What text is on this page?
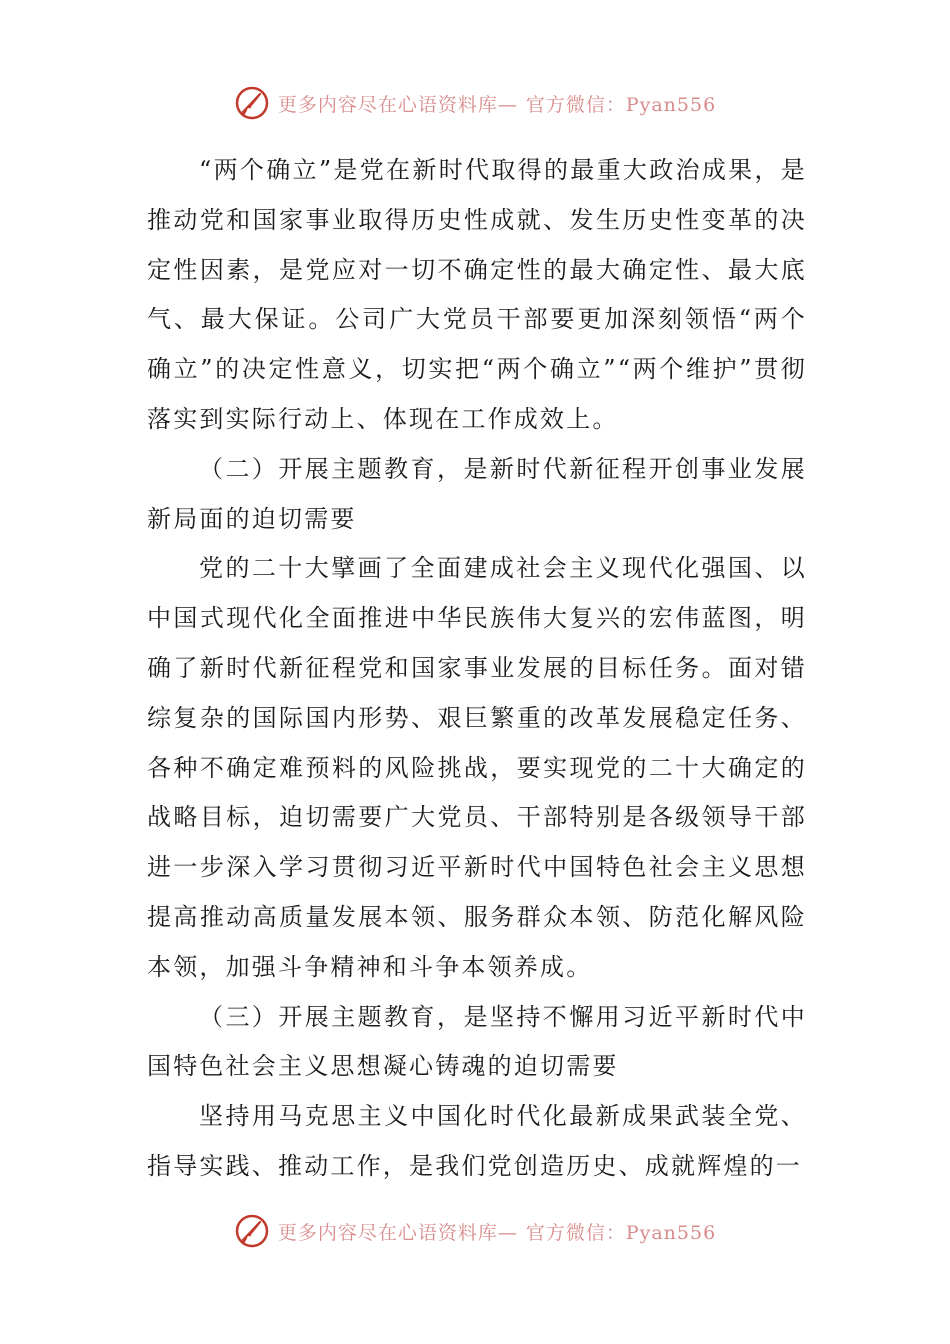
更多内容尽在心语资料库— 官方微信：Pyan556

“两个确立”是党在新时代取得的最重大政治成果，是推动党和国家事业取得历史性成就、发生历史性变革的决定性因素，是党应对一切不确定性的最大确定性、最大底气、最大保证。公司广大党员干部要更加深刻领悟“两个确立”的决定性意义，切实把“两个确立”“两个维护”贯彻落实到实际行动上、体现在工作成效上。

（二）开展主题教育，是新时代新征程开创事业发展新局面的迫切需要

党的二十大擘画了全面建成社会主义现代化强国、以中国式现代化全面推进中华民族伟大复兴的宏伟蓝图，明确了新时代新征程党和国家事业发展的目标任务。面对错综复杂的国际国内形势、艰巨繁重的改革发展稳定任务、各种不确定难预料的风险挑战，要实现党的二十大确定的战略目标，迫切需要广大党员、干部特别是各级领导干部进一步深入学习贯彻习近平新时代中国特色社会主义思想提高推动高质量发展本领、服务群众本领、防范化解风险本领，加强斗争精神和斗争本领养成。

（三）开展主题教育，是坚持不懈用习近平新时代中国特色社会主义思想凝心铸魂的迫切需要

坚持用马克思主义中国化时代化最新成果武装全党、指导实践、推动工作，是我们党创造历史、成就辉煌的一

更多内容尽在心语资料库— 官方微信：Pyan556
